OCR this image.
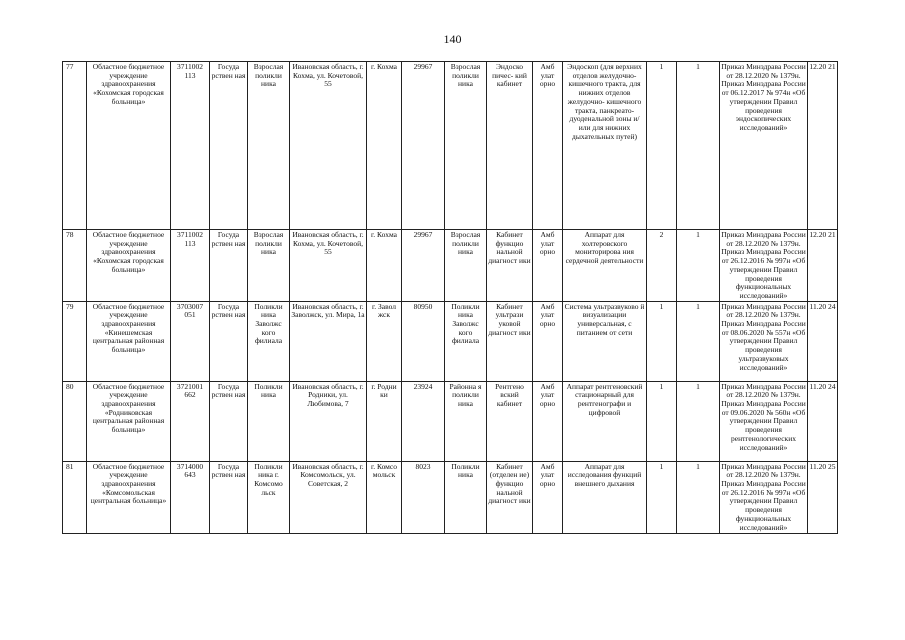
140
77	Областное бюджетное учреждение здравоохранения «Кохомская городская больница»	3711002 113	Госуда рствен ная	Взрослая поликли ника	Ивановская область, г. Кохма, ул. Кочетовой, 55	г. Кохма	29967	Взрослая поликли ника	Эндоско пичес- кий кабинет	Амб улат орно	Эндоскоп (для верхних отделов желудочно- кишечного тракта, для нижних отделов желудочно- кишечного тракта, панкреато- дуоденальной зоны и/или для нижних дыхательных путей)	1	1	Приказ Минздрава России от 28.12.2020 № 1379н. Приказ Минздрава России от 06.12.2017 № 974н «Об утверждении Правил проведения эндоскопических исследований»	12.20 21
78	Областное бюджетное учреждение здравоохранения «Кохомская городская больница»	3711002 113	Госуда рствен ная	Взрослая поликли ника	Ивановская область, г. Кохма, ул. Кочетовой, 55	г. Кохма	29967	Взрослая поликли ника	Кабинет функцио нальной диагност ики	Амб улат орно	Аппарат для холтеровского мониторирова ния сердечной деятельности	2	1	Приказ Минздрава России от 28.12.2020 № 1379н. Приказ Минздрава России от 26.12.2016 № 997н «Об утверждении Правил проведения функциональных исследований»	12.20 21
79	Областное бюджетное учреждение здравоохранения «Кинешемская центральная районная больница»	3703007 051	Госуда рствен ная	Поликли ника Заволжс кого филиала	Ивановская область, г. Заволжск, ул. Мира, 1а	г. Завол жск	80950	Поликли ника Заволжс кого филиала	Кабинет ультрази уковой диагност ики	Амб улат орно	Система ультразвуково й визуализации универсальная, с питанием от сети	1	1	Приказ Минздрава России от 28.12.2020 № 1379н. Приказ Минздрава России от 08.06.2020 № 557н «Об утверждении Правил проведения ультразвуковых исследований»	11.20 24
80	Областное бюджетное учреждение здравоохранения «Родниковская центральная районная больница»	3721001 662	Госуда рствен ная	Поликли ника	Ивановская область, г. Родники, ул. Любимова, 7	г. Родни ки	23924	Районна я поликли ника	Рентгено вский кабинет	Амб улат орно	Аппарат рентгеновский стационарный для рентгенографи и цифровой	1	1	Приказ Минздрава России от 28.12.2020 № 1379н. Приказ Минздрава России от 09.06.2020 № 560н «Об утверждении Правил проведения рентгенологических исследований»	11.20 24
81	Областное бюджетное учреждение здравоохранения «Комсомольская центральная больница»	3714000 643	Госуда рствен ная	Поликли ника г. Комсомо льск	Ивановская область, г. Комсомольск, ул. Советская, 2	г. Комсо мольск	8023	Поликли ника	Кабинет (отделен ие) функцио нальной диагност ики	Амб улат орно	Аппарат для исследования функций внешнего дыхания	1	1	Приказ Минздрава России от 28.12.2020 № 1379н. Приказ Минздрава России от 26.12.2016 № 997н «Об утверждении Правил проведения функциональных исследований»	11.20 25
